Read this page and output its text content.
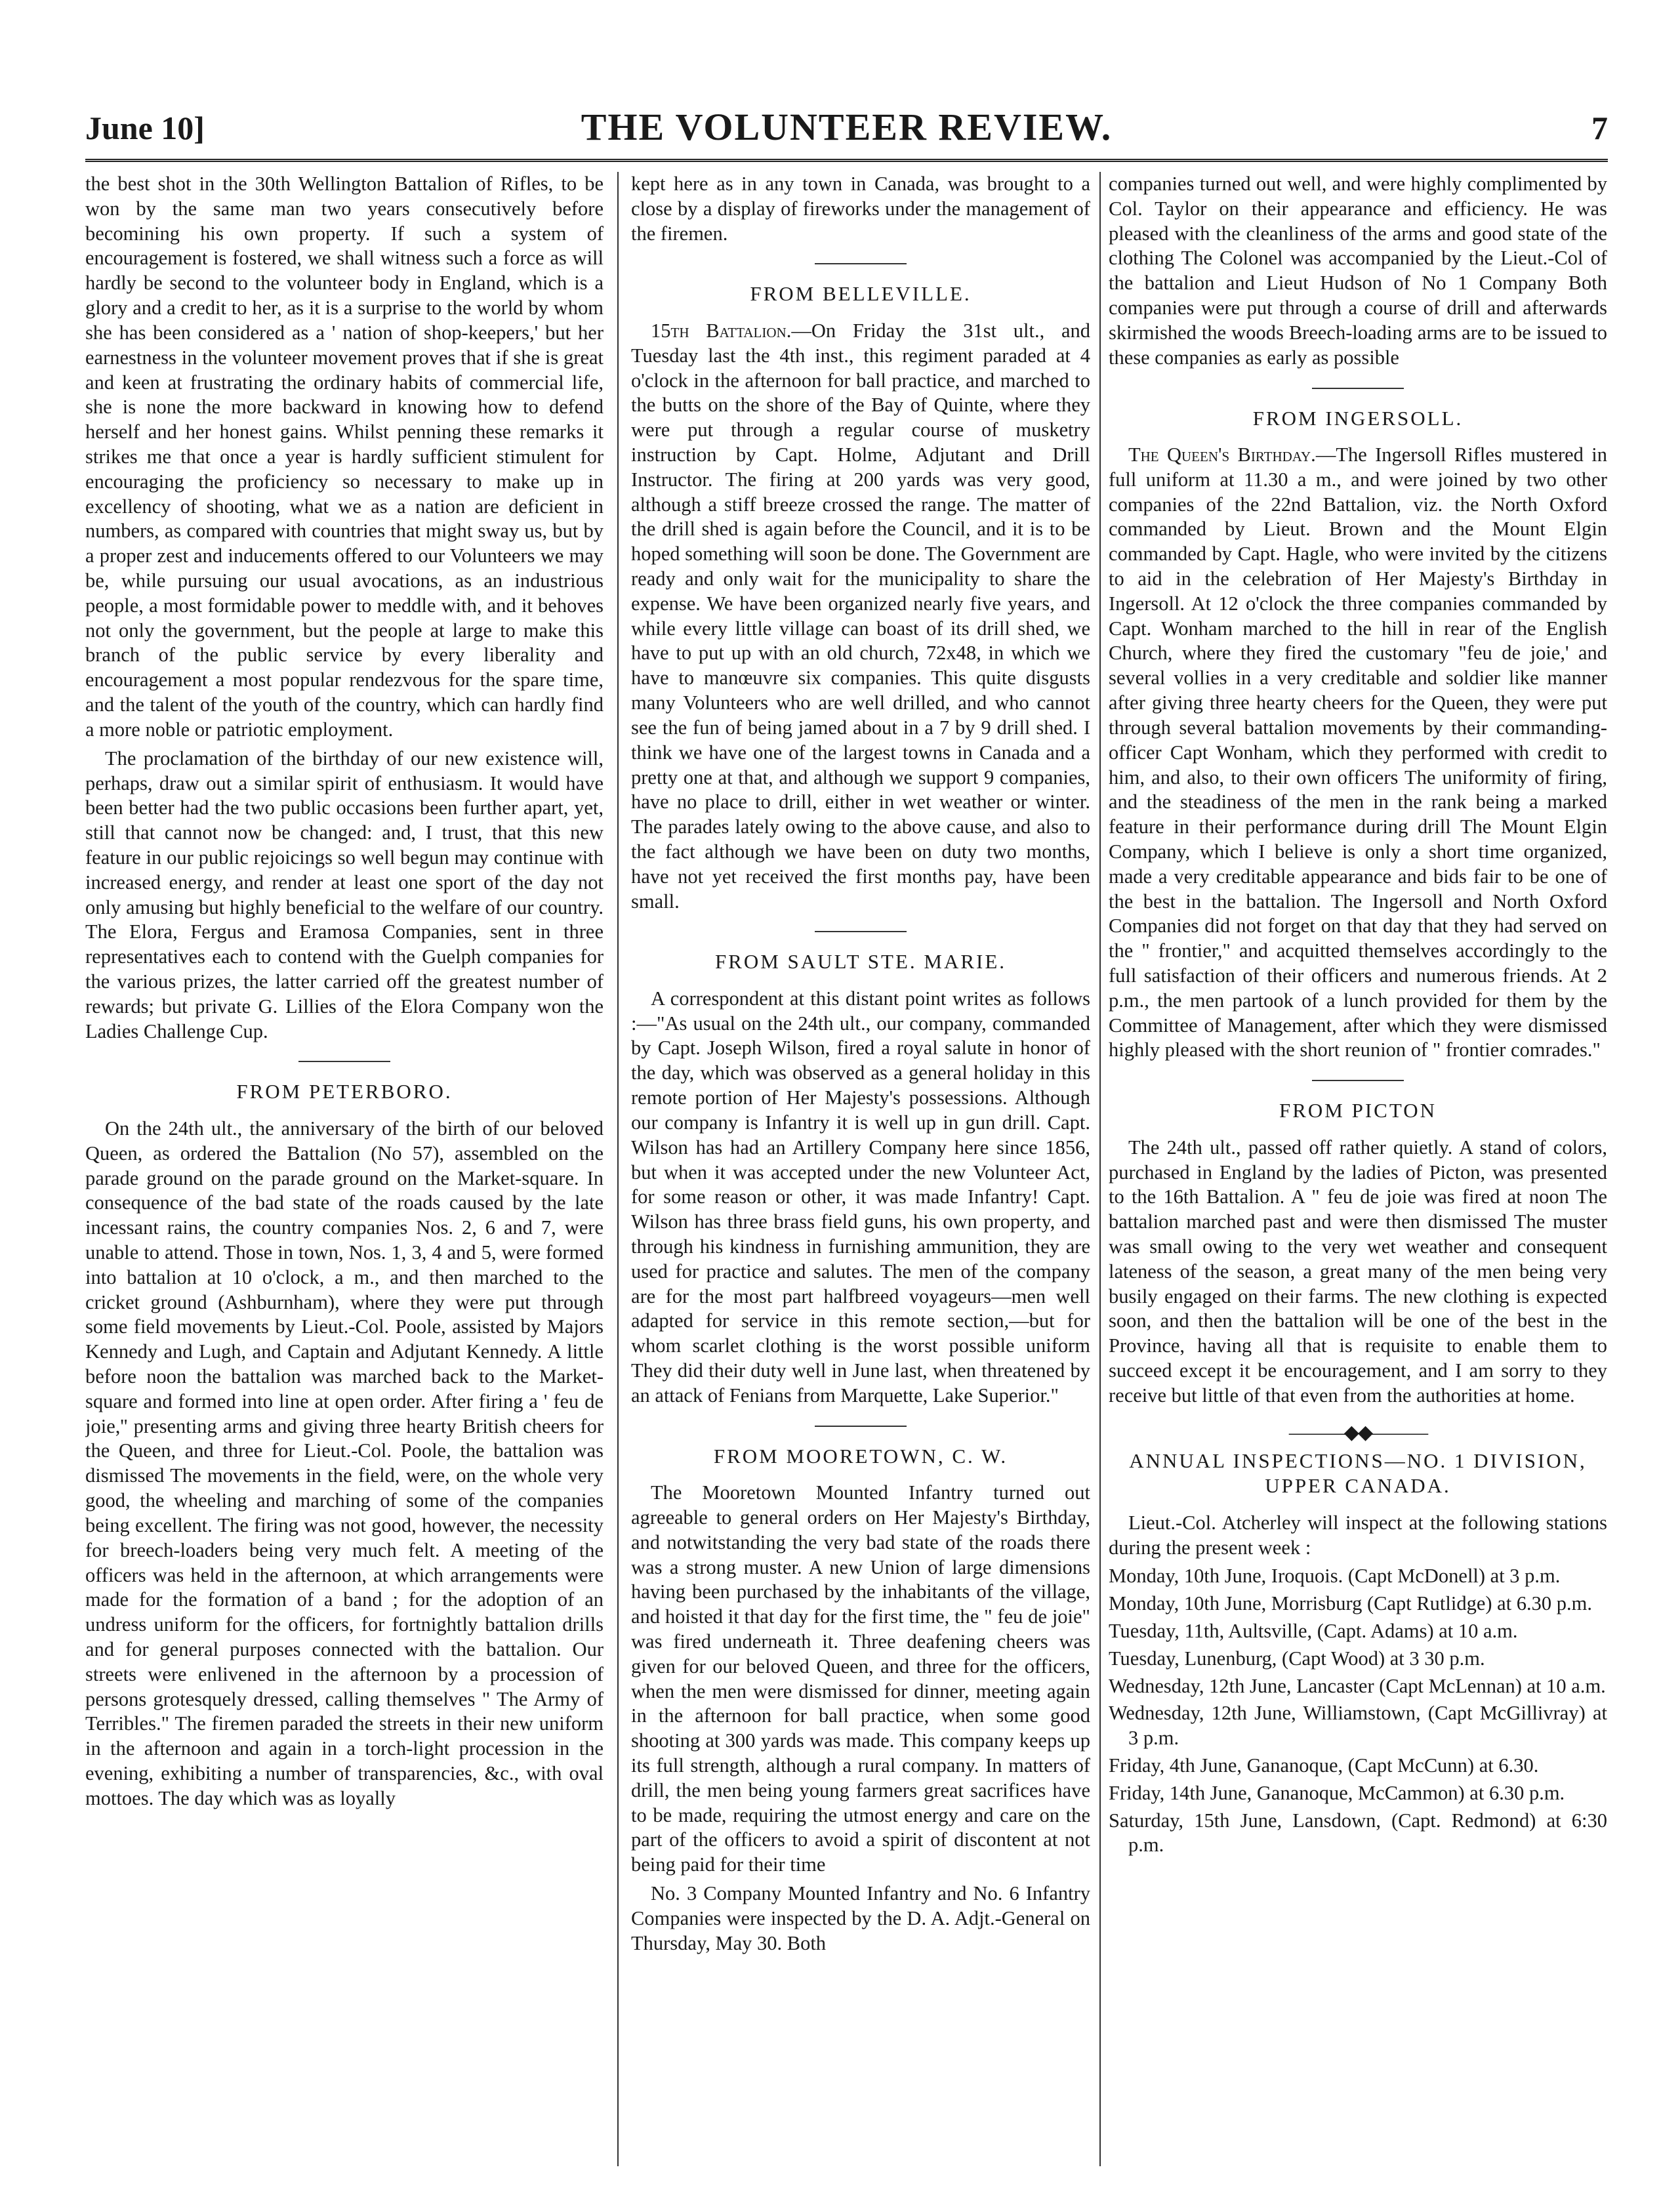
June 10]	THE VOLUNTEER REVIEW.	7

the best shot in the 30th Wellington Battalion of Rifles, to be won by the same man two years consecutively before becomining his own property. If such a system of encouragement is fostered, we shall witness such a force as will hardly be second to the volunteer body in England, which is a glory and a credit to her, as it is a surprise to the world by whom she has been considered as a ' nation of shop-keepers,' but her earnestness in the volunteer movement proves that if she is great and keen at frustrating the ordinary habits of commercial life, she is none the more backward in knowing how to defend herself and her honest gains. Whilst penning these remarks it strikes me that once a year is hardly sufficient stimulent for encouraging the proficiency so necessary to make up in excellency of shooting, what we as a nation are deficient in numbers, as compared with countries that might sway us, but by a proper zest and inducements offered to our Volunteers we may be, while pursuing our usual avocations, as an industrious people, a most formidable power to meddle with, and it behoves not only the government, but the people at large to make this branch of the public service by every liberality and encouragement a most popular rendezvous for the spare time, and the talent of the youth of the country, which can hardly find a more noble or patriotic employment.

The proclamation of the birthday of our new existence will, perhaps, draw out a similar spirit of enthusiasm. It would have been better had the two public occasions been further apart, yet, still that cannot now be changed: and, I trust, that this new feature in our public rejoicings so well begun may continue with increased energy, and render at least one sport of the day not only amusing but highly beneficial to the welfare of our country. The Elora, Fergus and Eramosa Companies, sent in three representatives each to contend with the Guelph companies for the various prizes, the latter carried off the greatest number of rewards; but private G. Lillies of the Elora Company won the Ladies Challenge Cup.

FROM PETERBORO.

On the 24th ult., the anniversary of the birth of our beloved Queen, as ordered the Battalion (No 57), assembled on the parade ground on the parade ground on the Market-square. In consequence of the bad state of the roads caused by the late incessant rains, the country companies Nos. 2, 6 and 7, were unable to attend. Those in town, Nos. 1, 3, 4 and 5, were formed into battalion at 10 o'clock, a m., and then marched to the cricket ground (Ashburnham), where they were put through some field movements by Lieut.-Col. Poole, assisted by Majors Kennedy and Lugh, and Captain and Adjutant Kennedy. A little before noon the battalion was marched back to the Market-square and formed into line at open order. After firing a ' feu de joie,'' presenting arms and giving three hearty British cheers for the Queen, and three for Lieut.-Col. Poole, the battalion was dismissed The movements in the field, were, on the whole very good, the wheeling and marching of some of the companies being excellent. The firing was not good, however, the necessity for breech-loaders being very much felt. A meeting of the officers was held in the afternoon, at which arrangements were made for the formation of a band ; for the adoption of an undress uniform for the officers, for fortnightly battalion drills and for general purposes connected with the battalion. Our streets were enlivened in the afternoon by a procession of persons grotesquely dressed, calling themselves " The Army of Terribles." The firemen paraded the streets in their new uniform in the afternoon and again in a torch-light procession in the evening, exhibiting a number of transparencies, &c., with oval mottoes. The day which was as loyally

kept here as in any town in Canada, was brought to a close by a display of fireworks under the management of the firemen.

FROM BELLEVILLE.

15th Battalion.—On Friday the 31st ult., and Tuesday last the 4th inst., this regiment paraded at 4 o'clock in the afternoon for ball practice, and marched to the butts on the shore of the Bay of Quinte, where they were put through a regular course of musketry instruction by Capt. Holme, Adjutant and Drill Instructor. The firing at 200 yards was very good, although a stiff breeze crossed the range. The matter of the drill shed is again before the Council, and it is to be hoped something will soon be done. The Government are ready and only wait for the municipality to share the expense. We have been organized nearly five years, and while every little village can boast of its drill shed, we have to put up with an old church, 72x48, in which we have to manœuvre six companies. This quite disgusts many Volunteers who are well drilled, and who cannot see the fun of being jamed about in a 7 by 9 drill shed. I think we have one of the largest towns in Canada and a pretty one at that, and although we support 9 companies, have no place to drill, either in wet weather or winter. The parades lately owing to the above cause, and also to the fact although we have been on duty two months, have not yet received the first months pay, have been small.

FROM SAULT STE. MARIE.

A correspondent at this distant point writes as follows :—"As usual on the 24th ult., our company, commanded by Capt. Joseph Wilson, fired a royal salute in honor of the day, which was observed as a general holiday in this remote portion of Her Majesty's possessions. Although our company is Infantry it is well up in gun drill. Capt. Wilson has had an Artillery Company here since 1856, but when it was accepted under the new Volunteer Act, for some reason or other, it was made Infantry! Capt. Wilson has three brass field guns, his own property, and through his kindness in furnishing ammunition, they are used for practice and salutes. The men of the company are for the most part halfbreed voyageurs—men well adapted for service in this remote section,—but for whom scarlet clothing is the worst possible uniform They did their duty well in June last, when threatened by an attack of Fenians from Marquette, Lake Superior."

FROM MOORETOWN, C. W.

The Mooretown Mounted Infantry turned out agreeable to general orders on Her Majesty's Birthday, and notwitstanding the very bad state of the roads there was a strong muster. A new Union of large dimensions having been purchased by the inhabitants of the village, and hoisted it that day for the first time, the " feu de joie" was fired underneath it. Three deafening cheers was given for our beloved Queen, and three for the officers, when the men were dismissed for dinner, meeting again in the afternoon for ball practice, when some good shooting at 300 yards was made. This company keeps up its full strength, although a rural company. In matters of drill, the men being young farmers great sacrifices have to be made, requiring the utmost energy and care on the part of the officers to avoid a spirit of discontent at not being paid for their time

No. 3 Company Mounted Infantry and No. 6 Infantry Companies were inspected by the D. A. Adjt.-General on Thursday, May 30. Both

companies turned out well, and were highly complimented by Col. Taylor on their appearance and efficiency. He was pleased with the cleanliness of the arms and good state of the clothing The Colonel was accompanied by the Lieut.-Col of the battalion and Lieut Hudson of No 1 Company Both companies were put through a course of drill and afterwards skirmished the woods Breech-loading arms are to be issued to these companies as early as possible

FROM INGERSOLL.

The Queen's Birthday.—The Ingersoll Rifles mustered in full uniform at 11.30 a m., and were joined by two other companies of the 22nd Battalion, viz. the North Oxford commanded by Lieut. Brown and the Mount Elgin commanded by Capt. Hagle, who were invited by the citizens to aid in the celebration of Her Majesty's Birthday in Ingersoll. At 12 o'clock the three companies commanded by Capt. Wonham marched to the hill in rear of the English Church, where they fired the customary "feu de joie,' and several vollies in a very creditable and soldier like manner after giving three hearty cheers for the Queen, they were put through several battalion movements by their commanding-officer Capt Wonham, which they performed with credit to him, and also, to their own officers The uniformity of firing, and the steadiness of the men in the rank being a marked feature in their performance during drill The Mount Elgin Company, which I believe is only a short time organized, made a very creditable appearance and bids fair to be one of the best in the battalion. The Ingersoll and North Oxford Companies did not forget on that day that they had served on the " frontier," and acquitted themselves accordingly to the full satisfaction of their officers and numerous friends. At 2 p.m., the men partook of a lunch provided for them by the Committee of Management, after which they were dismissed highly pleased with the short reunion of " frontier comrades."

FROM PICTON

The 24th ult., passed off rather quietly. A stand of colors, purchased in England by the ladies of Picton, was presented to the 16th Battalion. A " feu de joie was fired at noon The battalion marched past and were then dismissed The muster was small owing to the very wet weather and consequent lateness of the season, a great many of the men being very busily engaged on their farms. The new clothing is expected soon, and then the battalion will be one of the best in the Province, having all that is requisite to enable them to succeed except it be encouragement, and I am sorry to they receive but little of that even from the authorities at home.

———◆◆———
ANNUAL INSPECTIONS—NO. 1 DIVISION, UPPER CANADA.

Lieut.-Col. Atcherley will inspect at the following stations during the present week :

Monday, 10th June, Iroquois. (Capt McDonell) at 3 p.m.

Monday, 10th June, Morrisburg (Capt Rutlidge) at 6.30 p.m.

Tuesday, 11th, Aultsville, (Capt. Adams) at 10 a.m.

Tuesday, Lunenburg, (Capt Wood) at 3 30 p.m.

Wednesday, 12th June, Lancaster (Capt McLennan) at 10 a.m.

Wednesday, 12th June, Williamstown, (Capt McGillivray) at 3 p.m.

Friday, 4th June, Gananoque, (Capt McCunn) at 6.30.

Friday, 14th June, Gananoque, McCammon) at 6.30 p.m.

Saturday, 15th June, Lansdown, (Capt. Redmond) at 6:30 p.m.
